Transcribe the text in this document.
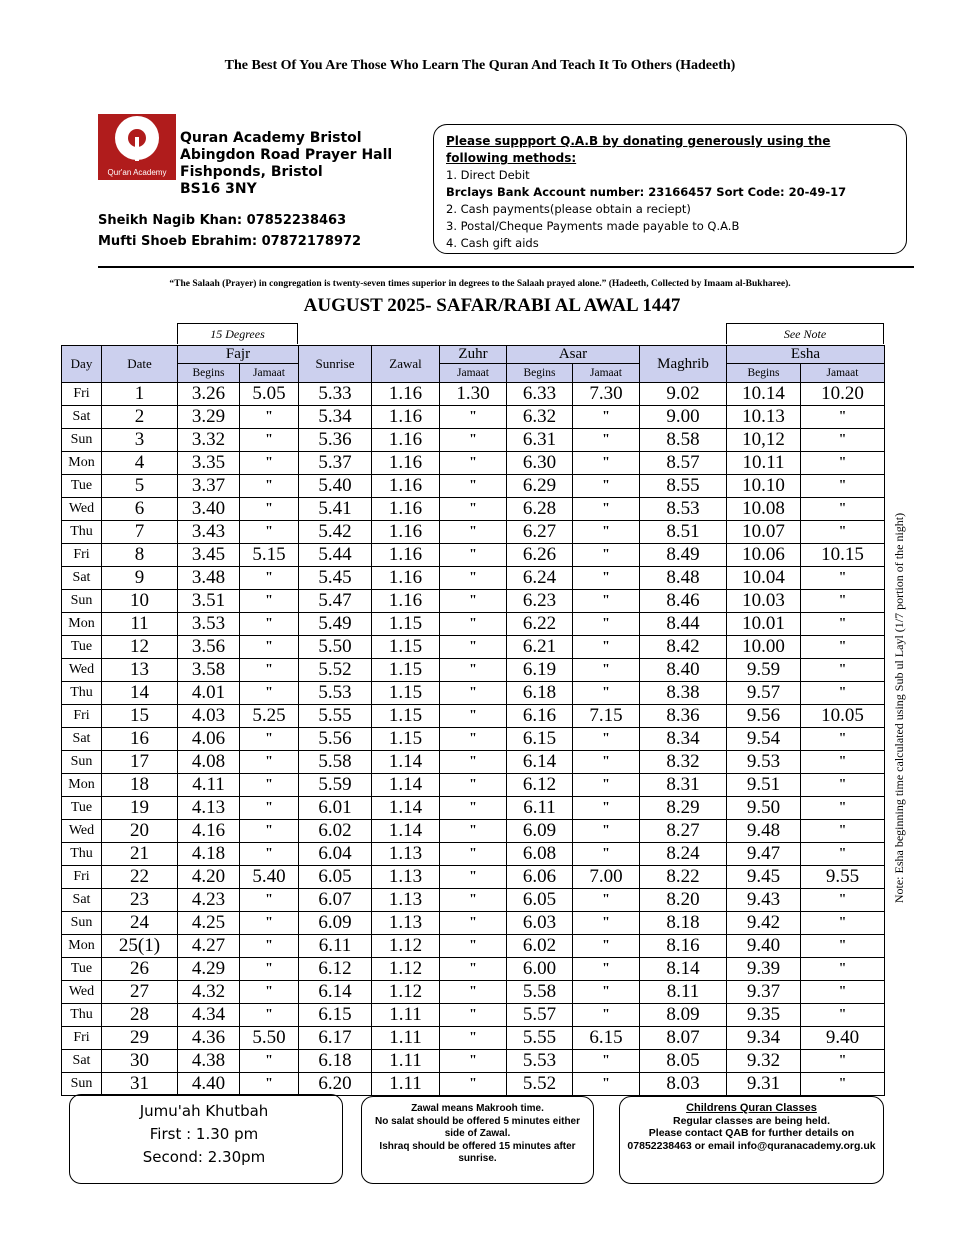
The Best Of You Are Those Who Learn The Quran And Teach It To Others (Hadeeth)
Qur'an Academy
Quran Academy Bristol
Abingdon Road Prayer Hall
Fishponds, Bristol
BS16 3NY
Sheikh Nagib Khan: 07852238463
Mufti Shoeb Ebrahim: 07872178972
Please suppport Q.A.B by donating generously using the following methods:
1. Direct Debit
Brclays Bank Account number: 23166457 Sort Code: 20-49-17
2. Cash payments(please obtain a reciept)
3. Postal/Cheque Payments made payable to Q.A.B
4. Cash gift aids
“The Salaah (Prayer) in congregation is twenty-seven times superior in degrees to the Salaah prayed alone.” (Hadeeth, Collected by Imaam al-Bukharee).
AUGUST 2025- SAFAR/RABI AL AWAL 1447
15 Degrees	See Note
Day	Date	Fajr		Sunrise	Zawal	Zuhr	Asar		Maghrib	Esha	
		Begins	Jamaat			Jamaat	Begins	Jamaat		Begins	Jamaat
Fri	1	3.26	5.05	5.33	1.16	1.30	6.33	7.30	9.02	10.14	10.20
Sat	2	3.29	"	5.34	1.16	"	6.32	"	9.00	10.13	"
Sun	3	3.32	"	5.36	1.16	"	6.31	"	8.58	10,12	"
Mon	4	3.35	"	5.37	1.16	"	6.30	"	8.57	10.11	"
Tue	5	3.37	"	5.40	1.16	"	6.29	"	8.55	10.10	"
Wed	6	3.40	"	5.41	1.16	"	6.28	"	8.53	10.08	"
Thu	7	3.43	"	5.42	1.16	"	6.27	"	8.51	10.07	"
Fri	8	3.45	5.15	5.44	1.16	"	6.26	"	8.49	10.06	10.15
Sat	9	3.48	"	5.45	1.16	"	6.24	"	8.48	10.04	"
Sun	10	3.51	"	5.47	1.16	"	6.23	"	8.46	10.03	"
Mon	11	3.53	"	5.49	1.15	"	6.22	"	8.44	10.01	"
Tue	12	3.56	"	5.50	1.15	"	6.21	"	8.42	10.00	"
Wed	13	3.58	"	5.52	1.15	"	6.19	"	8.40	9.59	"
Thu	14	4.01	"	5.53	1.15	"	6.18	"	8.38	9.57	"
Fri	15	4.03	5.25	5.55	1.15	"	6.16	7.15	8.36	9.56	10.05
Sat	16	4.06	"	5.56	1.15	"	6.15	"	8.34	9.54	"
Sun	17	4.08	"	5.58	1.14	"	6.14	"	8.32	9.53	"
Mon	18	4.11	"	5.59	1.14	"	6.12	"	8.31	9.51	"
Tue	19	4.13	"	6.01	1.14	"	6.11	"	8.29	9.50	"
Wed	20	4.16	"	6.02	1.14	"	6.09	"	8.27	9.48	"
Thu	21	4.18	"	6.04	1.13	"	6.08	"	8.24	9.47	"
Fri	22	4.20	5.40	6.05	1.13	"	6.06	7.00	8.22	9.45	9.55
Sat	23	4.23	"	6.07	1.13	"	6.05	"	8.20	9.43	"
Sun	24	4.25	"	6.09	1.13	"	6.03	"	8.18	9.42	"
Mon	25(1)	4.27	"	6.11	1.12	"	6.02	"	8.16	9.40	"
Tue	26	4.29	"	6.12	1.12	"	6.00	"	8.14	9.39	"
Wed	27	4.32	"	6.14	1.12	"	5.58	"	8.11	9.37	"
Thu	28	4.34	"	6.15	1.11	"	5.57	"	8.09	9.35	"
Fri	29	4.36	5.50	6.17	1.11	"	5.55	6.15	8.07	9.34	9.40
Sat	30	4.38	"	6.18	1.11	"	5.53	"	8.05	9.32	"
Sun	31	4.40	"	6.20	1.11	"	5.52	"	8.03	9.31	"
Note: Esha beginning time calculated using Sub ul Layl (1/7 portion of the night)
Jumu'ah Khutbah
First : 1.30 pm
Second: 2.30pm
Zawal means Makrooh time.
No salat should be offered 5 minutes either side of Zawal.
Ishraq should be offered 15 minutes after sunrise.
Childrens Quran Classes
Regular classes are being held.
Please contact QAB for further details on
07852238463 or email info@quranacademy.org.uk
